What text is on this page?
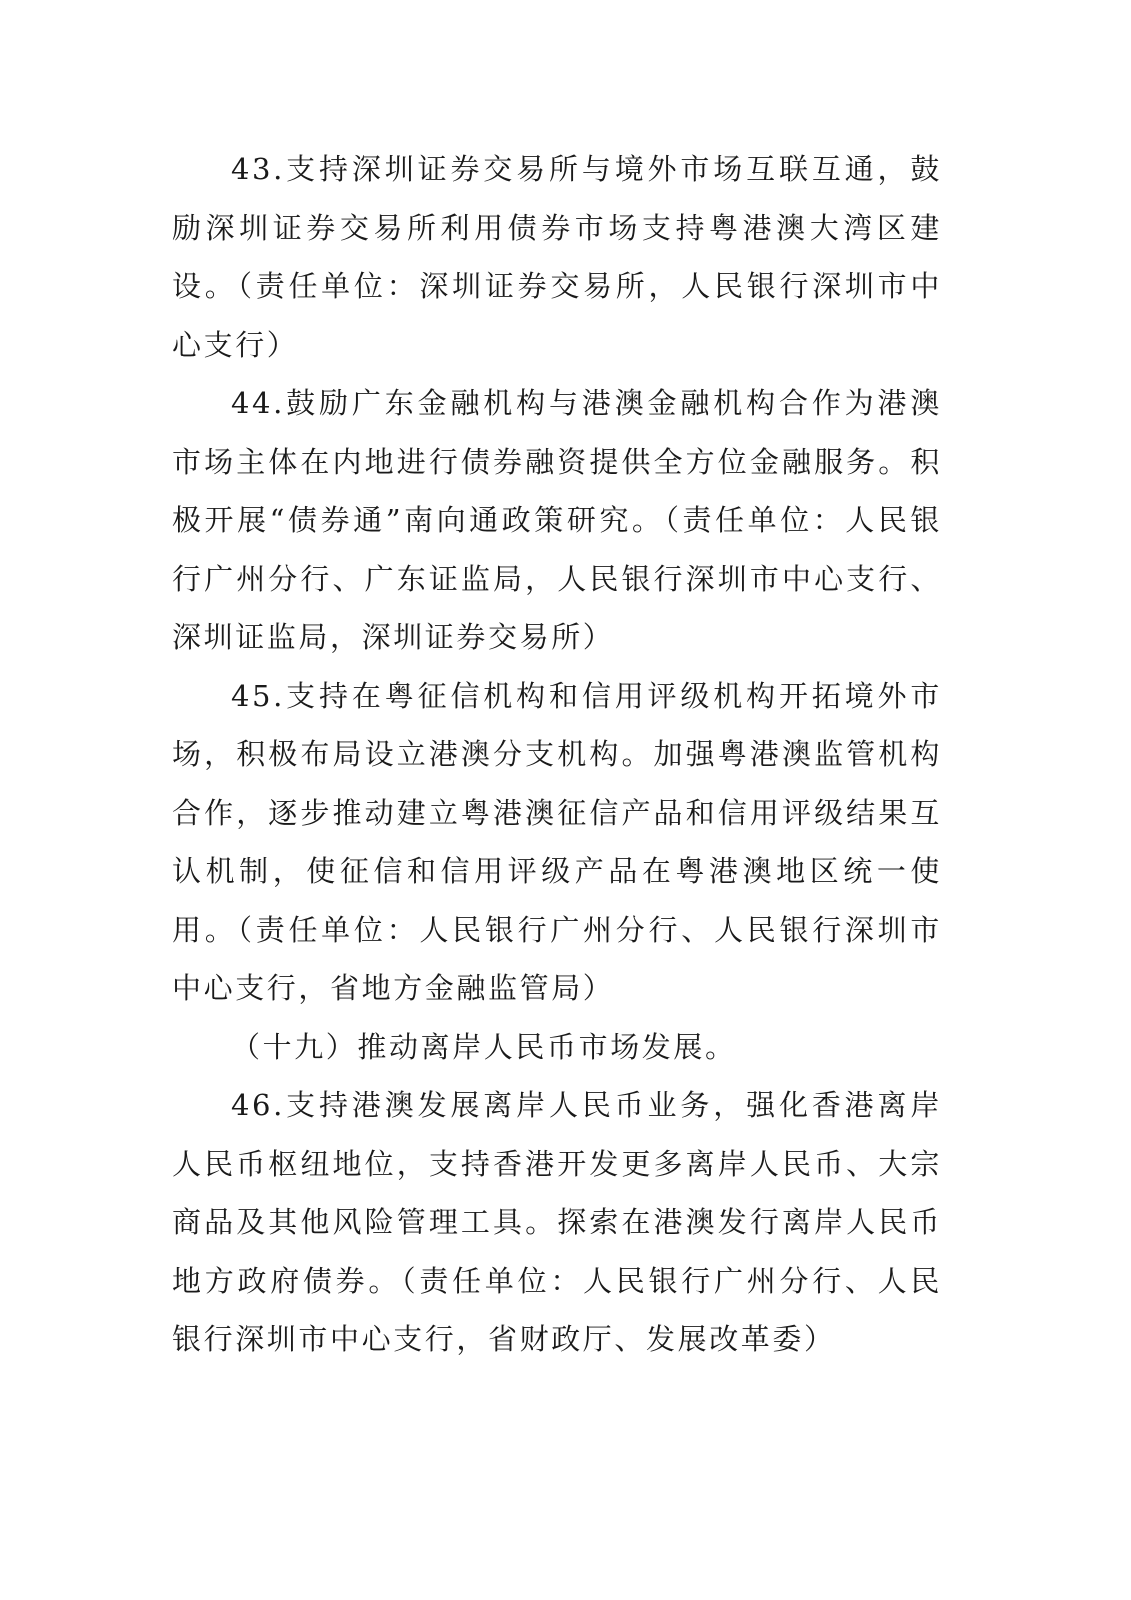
43.支持深圳证券交易所与境外市场互联互通，鼓励深圳证券交易所利用债券市场支持粤港澳大湾区建设。（责任单位：深圳证券交易所，人民银行深圳市中心支行）

44.鼓励广东金融机构与港澳金融机构合作为港澳市场主体在内地进行债券融资提供全方位金融服务。积极开展“债券通”南向通政策研究。（责任单位：人民银行广州分行、广东证监局，人民银行深圳市中心支行、深圳证监局，深圳证券交易所）

45.支持在粤征信机构和信用评级机构开拓境外市场，积极布局设立港澳分支机构。加强粤港澳监管机构合作，逐步推动建立粤港澳征信产品和信用评级结果互认机制，使征信和信用评级产品在粤港澳地区统一使用。（责任单位：人民银行广州分行、人民银行深圳市中心支行，省地方金融监管局）

（十九）推动离岸人民币市场发展。

46.支持港澳发展离岸人民币业务，强化香港离岸人民币枢纽地位，支持香港开发更多离岸人民币、大宗商品及其他风险管理工具。探索在港澳发行离岸人民币地方政府债券。（责任单位：人民银行广州分行、人民银行深圳市中心支行，省财政厅、发展改革委）
